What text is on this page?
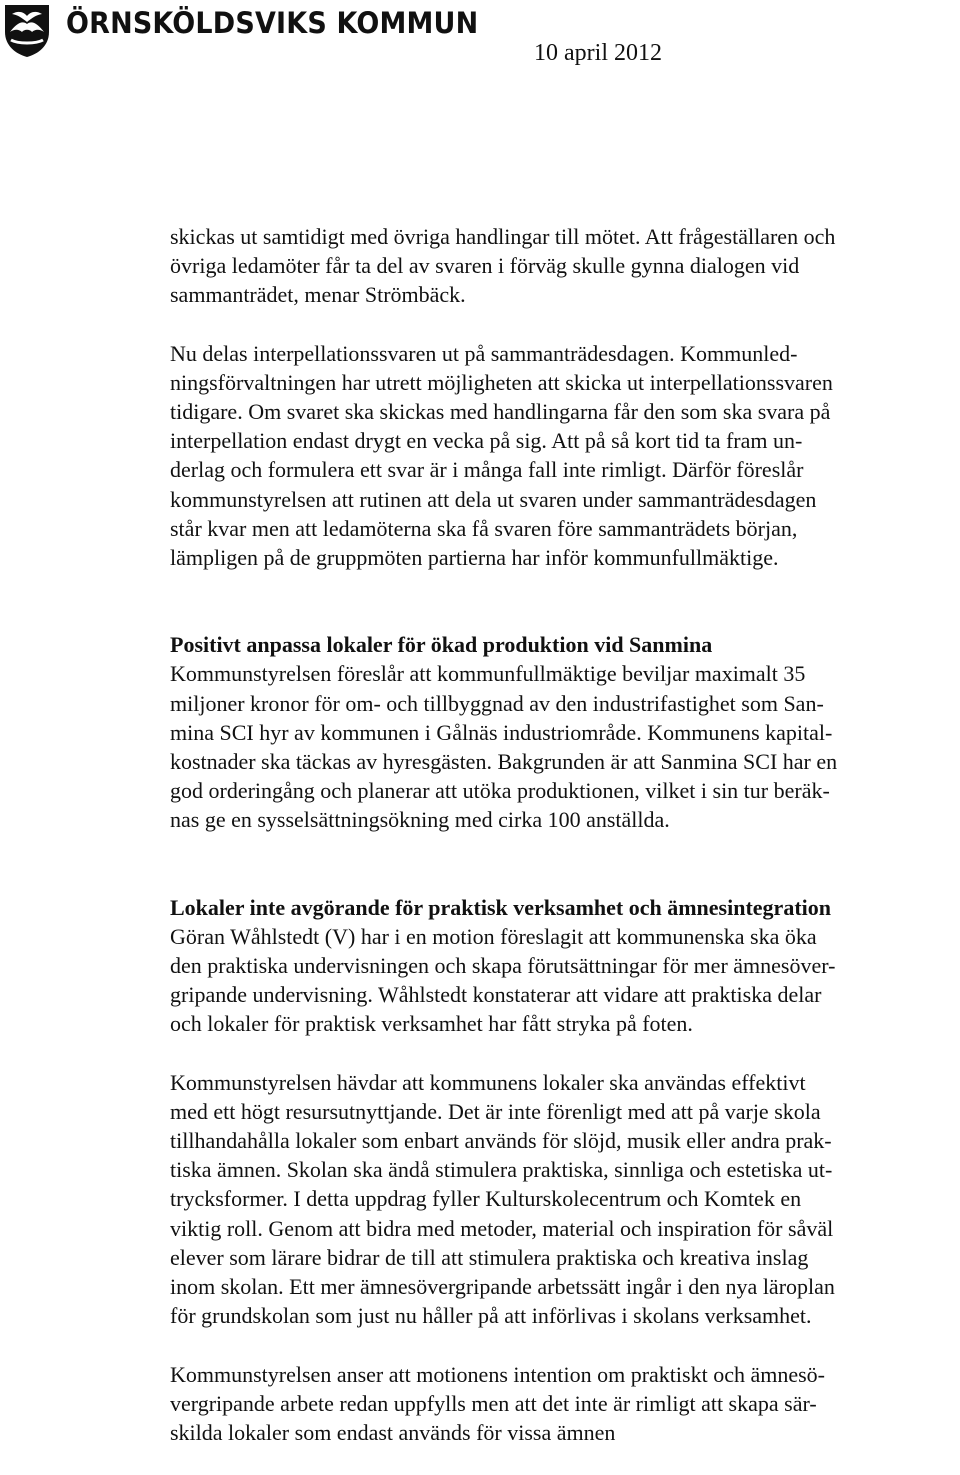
ÖRNSKÖLDSVIKS KOMMUN
10 april 2012

skickas ut samtidigt med övriga handlingar till mötet. Att frågeställaren och
övriga ledamöter får ta del av svaren i förväg skulle gynna dialogen vid
sammanträdet, menar Strömbäck.

Nu delas interpellationssvaren ut på sammanträdesdagen. Kommunled-
ningsförvaltningen har utrett möjligheten att skicka ut interpellationssvaren
tidigare. Om svaret ska skickas med handlingarna får den som ska svara på
interpellation endast drygt en vecka på sig. Att på så kort tid ta fram un-
derlag och formulera ett svar är i många fall inte rimligt. Därför föreslår
kommunstyrelsen att rutinen att dela ut svaren under sammanträdesdagen
står kvar men att ledamöterna ska få svaren före sammanträdets början,
lämpligen på de gruppmöten partierna har inför kommunfullmäktige.

Positivt anpassa lokaler för ökad produktion vid Sanmina

Kommunstyrelsen föreslår att kommunfullmäktige beviljar maximalt 35
miljoner kronor för om- och tillbyggnad av den industrifastighet som San-
mina SCI hyr av kommunen i Gålnäs industriområde. Kommunens kapital-
kostnader ska täckas av hyresgästen. Bakgrunden är att Sanmina SCI har en
god orderingång och planerar att utöka produktionen, vilket i sin tur beräk-
nas ge en sysselsättningsökning med cirka 100 anställda.

Lokaler inte avgörande för praktisk verksamhet och ämnesintegration

Göran Wåhlstedt (V) har i en motion föreslagit att kommunenska ska öka
den praktiska undervisningen och skapa förutsättningar för mer ämnesöver-
gripande undervisning. Wåhlstedt konstaterar att vidare att praktiska delar
och lokaler för praktisk verksamhet har fått stryka på foten.

Kommunstyrelsen hävdar att kommunens lokaler ska användas effektivt
med ett högt resursutnyttjande. Det är inte förenligt med att på varje skola
tillhandahålla lokaler som enbart används för slöjd, musik eller andra prak-
tiska ämnen. Skolan ska ändå stimulera praktiska, sinnliga och estetiska ut-
trycksformer. I detta uppdrag fyller Kulturskolecentrum och Komtek en
viktig roll. Genom att bidra med metoder, material och inspiration för såväl
elever som lärare bidrar de till att stimulera praktiska och kreativa inslag
inom skolan. Ett mer ämnesövergripande arbetssätt ingår i den nya läroplan
för grundskolan som just nu håller på att införlivas i skolans verksamhet.

Kommunstyrelsen anser att motionens intention om praktiskt och ämnesö-
vergripande arbete redan uppfylls men att det inte är rimligt att skapa sär-
skilda lokaler som endast används för vissa ämnen
